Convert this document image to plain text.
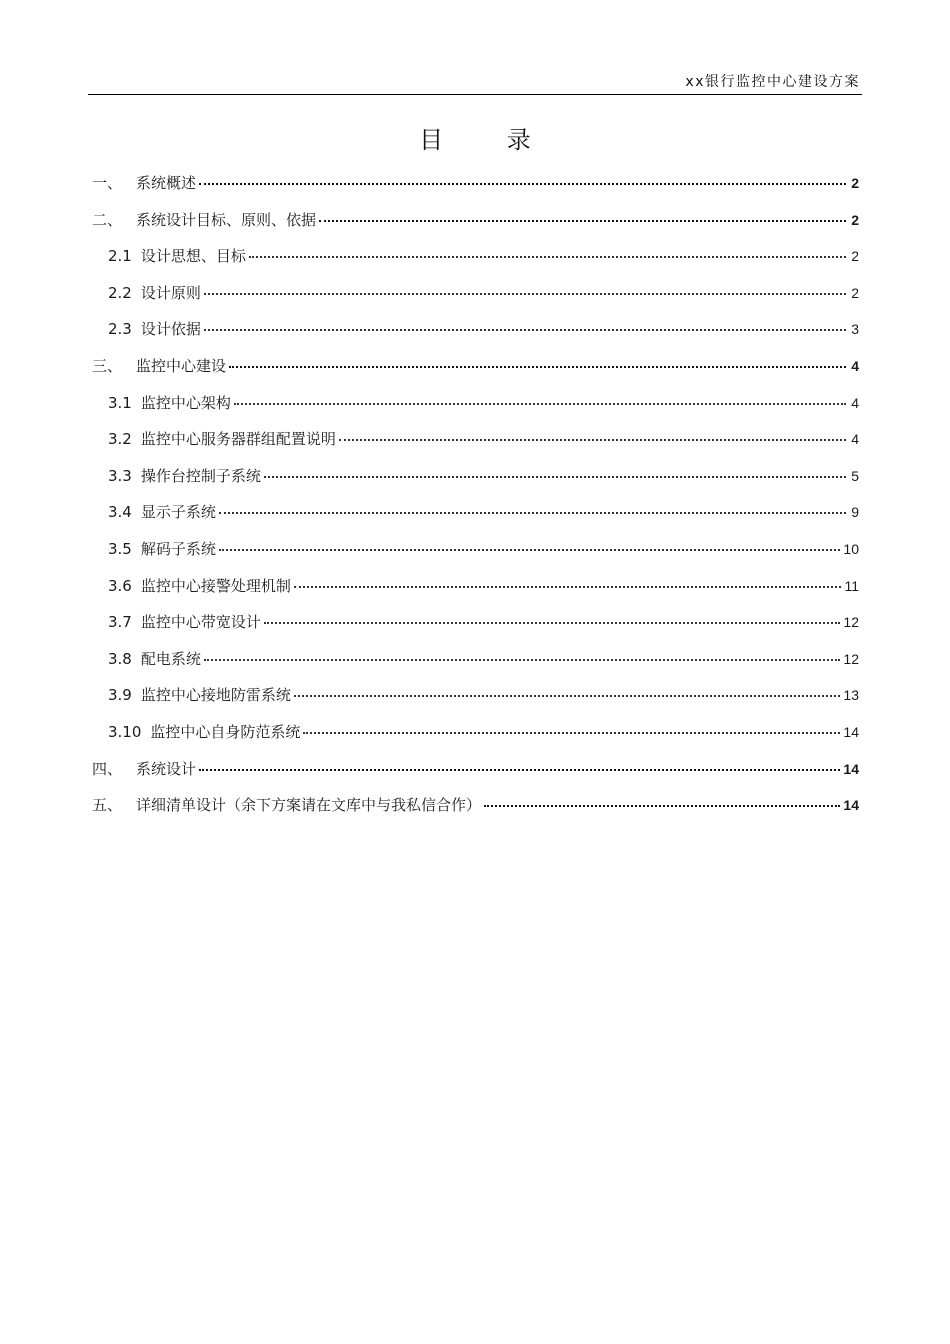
xx银行监控中心建设方案
目 录
一、 系统概述	2
二、 系统设计目标、原则、依据	2
2.1 设计思想、目标	2
2.2 设计原则	2
2.3 设计依据	3
三、 监控中心建设	4
3.1 监控中心架构	4
3.2 监控中心服务器群组配置说明	4
3.3 操作台控制子系统	5
3.4 显示子系统	9
3.5 解码子系统	10
3.6 监控中心接警处理机制	11
3.7 监控中心带宽设计	12
3.8 配电系统	12
3.9 监控中心接地防雷系统	13
3.10 监控中心自身防范系统	14
四、 系统设计	14
五、 详细清单设计（余下方案请在文库中与我私信合作）	14
